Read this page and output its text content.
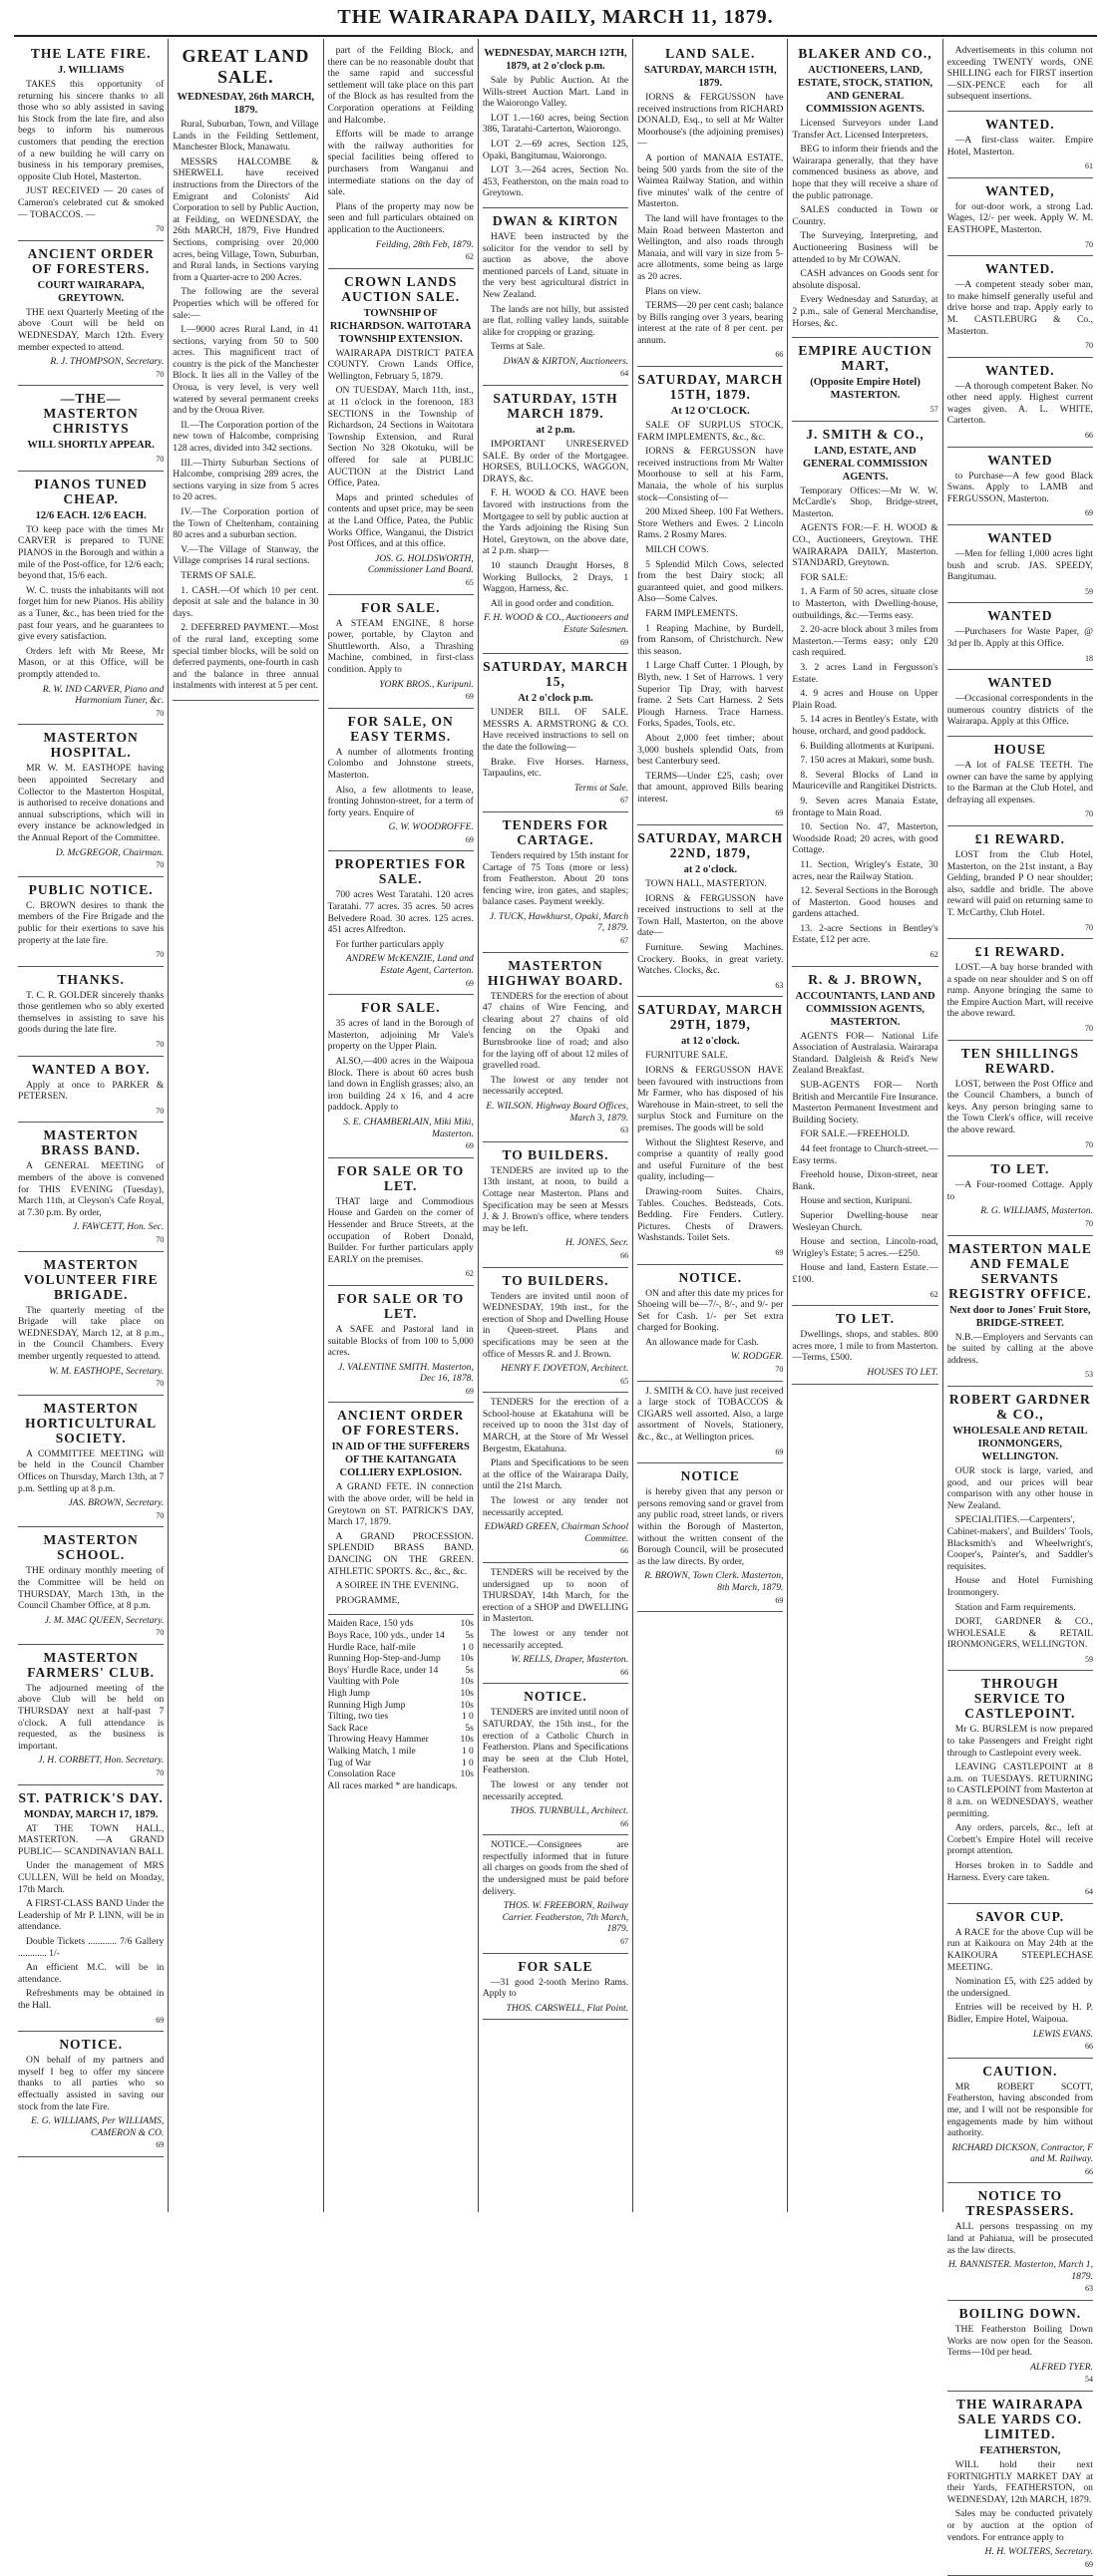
THE WAIRARAPA DAILY, MARCH 11, 1879.
THE LATE FIRE.
J. WILLIAMS

TAKES this opportunity of returning his sincere thanks to all those who so ably assisted in saving his Stock from the late fire, and also begs to inform his numerous customers that pending the erection of a new building he will carry on business in his temporary premises, opposite Club Hotel, Masterton.

JUST RECEIVED — 20 cases of Cameron's celebrated cut & smoked — TOBACCOS. —

70
ANCIENT ORDER OF FORESTERS.
COURT WAIRARAPA, GREYTOWN.

THE next Quarterly Meeting of the above Court will be held on WEDNESDAY, March 12th. Every member expected to attend.

R. J. THOMPSON, Secretary.
70
—THE— MASTERTON CHRISTYS
WILL SHORTLY APPEAR.
70
PIANOS TUNED CHEAP.
12/6 EACH. 12/6 EACH.

TO keep pace with the times Mr CARVER is prepared to TUNE PIANOS in the Borough and within a mile of the Post-office, for 12/6 each; beyond that, 15/6 each.

W. C. trusts the inhabitants will not forget him for new Pianos. His ability as a Tuner, &c., has been tried for the past four years, and he guarantees to give every satisfaction.

Orders left with Mr Reese, Mr Mason, or at this Office, will be promptly attended to.

R. W. IND CARVER, Piano and Harmonium Tuner, &c.
70
MASTERTON HOSPITAL.

MR W. M. EASTHOPE having been appointed Secretary and Collector to the Masterton Hospital, is authorised to receive donations and annual subscriptions, which will in every instance be acknowledged in the Annual Report of the Committee.

D. McGREGOR, Chairman.
70
PUBLIC NOTICE.

C. BROWN desires to thank the members of the Fire Brigade and the public for their exertions to save his property at the late fire.

70
THANKS.

T. C. R. GOLDER sincerely thanks those gentlemen who so ably exerted themselves in assisting to save his goods during the late fire.

70
WANTED A BOY.

Apply at once to PARKER & PETERSEN.

70
MASTERTON BRASS BAND.

A GENERAL MEETING of members of the above is convened for THIS EVENING (Tuesday), March 11th, at Cleyson's Cafe Royal, at 7.30 p.m. By order,

J. FAWCETT, Hon. Sec.
70
MASTERTON VOLUNTEER FIRE BRIGADE.

The quarterly meeting of the Brigade will take place on WEDNESDAY, March 12, at 8 p.m., in the Council Chambers. Every member urgently requested to attend.

W. M. EASTHOPE, Secretary.
70
MASTERTON HORTICULTURAL SOCIETY.

A COMMITTEE MEETING will be held in the Council Chamber Offices on Thursday, March 13th, at 7 p.m. Settling up at 8 p.m.

JAS. BROWN, Secretary.
70
MASTERTON SCHOOL.

THE ordinary monthly meeting of the Committee will be held on THURSDAY, March 13th, in the Council Chamber Office, at 8 p.m.

J. M. MAC QUEEN, Secretary.
70
MASTERTON FARMERS' CLUB.

The adjourned meeting of the above Club will be held on THURSDAY next at half-past 7 o'clock. A full attendance is requested, as the business is important.

J. H. CORBETT, Hon. Secretary.
70
ST. PATRICK'S DAY.
MONDAY, MARCH 17, 1879.

AT THE TOWN HALL, MASTERTON. —A GRAND PUBLIC— SCANDINAVIAN BALL

Under the management of MRS CULLEN, Will be held on Monday, 17th March.

A FIRST-CLASS BAND Under the Leadership of Mr P. LINN, will be in attendance.

Double Tickets ............ 7/6 Gallery ............ 1/-

An efficient M.C. will be in attendance.

Refreshments may be obtained in the Hall.

69
NOTICE.

ON behalf of my partners and myself I beg to offer my sincere thanks to all parties who so effectually assisted in saving our stock from the late Fire.

E. G. WILLIAMS, Per WILLIAMS, CAMERON & CO.
69
GREAT LAND SALE.
WEDNESDAY, 26th MARCH, 1879.

Rural, Suburban, Town, and Village Lands in the Feilding Settlement, Manchester Block, Manawatu.

MESSRS HALCOMBE & SHERWELL have received instructions from the Directors of the Emigrant and Colonists' Aid Corporation to sell by Public Auction, at Feilding, on WEDNESDAY, the 26th MARCH, 1879, Five Hundred Sections, comprising over 20,000 acres, being Village, Town, Suburban, and Rural lands, in Sections varying from a Quarter-acre to 200 Acres.

The following are the several Properties which will be offered for sale:—

I.—9000 acres Rural Land, in 41 sections, varying from 50 to 500 acres. This magnificent tract of country is the pick of the Manchester Block. It lies all in the Valley of the Oroua, is very level, is very well watered by several permanent creeks and by the Oroua River.

II.—The Corporation portion of the new town of Halcombe, comprising 128 acres, divided into 342 sections.

III.—Thirty Suburban Sections of Halcombe, comprising 289 acres, the sections varying in size from 5 acres to 20 acres.

IV.—The Corporation portion of the Town of Cheltenham, containing 80 acres and a suburban section.

V.—The Village of Stanway, the Village comprises 14 rural sections.

TERMS OF SALE.

1. CASH.—Of which 10 per cent. deposit at sale and the balance in 30 days.

2. DEFERRED PAYMENT.—Most of the rural land, excepting some special timber blocks, will be sold on deferred payments, one-fourth in cash and the balance in three annual instalments with interest at 5 per cent.

part of the Feilding Block, and there can be no reasonable doubt that the same rapid and successful settlement will take place on this part of the Block as has resulted from the Corporation operations at Feilding and Halcombe.

Efforts will be made to arrange with the railway authorities for special facilities being offered to purchasers from Wanganui and intermediate stations on the day of sale.

Plans of the property may now be seen and full particulars obtained on application to the Auctioneers.

Feilding, 28th Feb, 1879.
62
CROWN LANDS AUCTION SALE.
TOWNSHIP OF RICHARDSON. WAITOTARA TOWNSHIP EXTENSION.

WAIRARAPA DISTRICT PATEA COUNTY. Crown Lands Office, Wellington, February 5, 1879.

ON TUESDAY, March 11th, inst., at 11 o'clock in the forenoon, 183 SECTIONS in the Township of Richardson, 24 Sections in Waitotara Township Extension, and Rural Section No 328 Okotuku, will be offered for sale at PUBLIC AUCTION at the District Land Office, Patea.

Maps and printed schedules of contents and upset price, may be seen at the Land Office, Patea, the Public Works Office, Wanganui, the District Post Offices, and at this office.

JOS. G. HOLDSWORTH, Commissioner Land Board.
65
FOR SALE.

A STEAM ENGINE, 8 horse power, portable, by Clayton and Shuttleworth. Also, a Thrashing Machine, combined, in first-class condition. Apply to

YORK BROS., Kuripuni.
69
FOR SALE, ON EASY TERMS.

A number of allotments fronting Colombo and Johnstone streets, Masterton.

Also, a few allotments to lease, fronting Johnston-street, for a term of forty years. Enquire of

G. W. WOODROFFE.
69
PROPERTIES FOR SALE.

700 acres West Taratahi. 120 acres Taratahi. 77 acres. 35 acres. 50 acres Belvedere Road. 30 acres. 125 acres. 451 acres Alfredton.

For further particulars apply

ANDREW McKENZIE, Land and Estate Agent, Carterton.
69
FOR SALE.

35 acres of land in the Borough of Masterton, adjoining Mr Vale's property on the Upper Plain.

ALSO,—400 acres in the Waipoua Block. There is about 60 acres bush land down in English grasses; also, an iron building 24 x 16, and 4 acre paddock. Apply to

S. E. CHAMBERLAIN, Miki Miki, Masterton.
69
FOR SALE OR TO LET.

THAT large and Commodious House and Garden on the corner of Hessender and Bruce Streets, at the occupation of Robert Donald, Builder. For further particulars apply EARLY on the premises.

62
FOR SALE OR TO LET.

A SAFE and Pastoral land in suitable Blocks of from 100 to 5,000 acres.

J. VALENTINE SMITH. Masterton, Dec 16, 1878.
69
ANCIENT ORDER OF FORESTERS.
IN AID OF THE SUFFERERS OF THE KAITANGATA COLLIERY EXPLOSION.

A GRAND FETE. IN connection with the above order, will be held in Greytown on ST. PATRICK'S DAY, March 17, 1879.

A GRAND PROCESSION. SPLENDID BRASS BAND. DANCING ON THE GREEN. ATHLETIC SPORTS. &c., &c., &c.

A SOIREE IN THE EVENING.

PROGRAMME,

Maiden Race, 150 yds	10s
Boys Race, 100 yds., under 14 5s
Hurdle Race, half-mile	1 0
Running Hop-Step-and-Jump 10s
Boys' Hurdle Race, under 14	5s
Vaulting with Pole	10s
High Jump	10s
Running High Jump	10s
Tilting, two ties	1 0
Sack Race	5s
Throwing Heavy Hammer	10s
Walking Match, 1 mile	1 0
Tug of War	1 0
Consolation Race	10s
All races marked * are handicaps.
WEDNESDAY, MARCH 12TH, 1879, at 2 o'clock p.m.

Sale by Public Auction. At the Wills-street Auction Mart. Land in the Waiorongo Valley.

LOT 1.—160 acres, being Section 386, Taratahi-Carterton, Waiorongo.

LOT 2.—69 acres, Section 125, Opaki, Bangitumau, Waiorongo.

LOT 3.—264 acres, Section No. 453, Featherston, on the main road to Greytown.

DWAN & KIRTON

HAVE been instructed by the solicitor for the vendor to sell by auction as above, the above mentioned parcels of Land, situate in the very best agricultural district in New Zealand.

The lands are not hilly, but assisted are flat, rolling valley lands, suitable alike for cropping or grazing.

Terms at Sale.

DWAN & KIRTON, Auctioneers.
64
SATURDAY, 15TH MARCH 1879.
at 2 p.m.

IMPORTANT UNRESERVED SALE. By order of the Mortgagee. HORSES, BULLOCKS, WAGGON, DRAYS, &c.

F. H. WOOD & CO. HAVE been favored with instructions from the Mortgagee to sell by public auction at the Yards adjoining the Rising Sun Hotel, Greytown, on the above date, at 2 p.m. sharp—

10 staunch Draught Horses, 8 Working Bullocks, 2 Drays, 1 Waggon, Harness, &c.

All in good order and condition.

F. H. WOOD & CO., Auctioneers and Estate Salesmen.
69
SATURDAY, MARCH 15,
At 2 o'clock p.m.

UNDER BILL OF SALE. MESSRS A. ARMSTRONG & CO. Have received instructions to sell on the date the following—

Brake. Five Horses. Harness, Tarpaulins, etc.

Terms at Sale.
67
TENDERS FOR CARTAGE.

Tenders required by 15th instant for Cartage of 75 Tons (more or less) from Featherston. About 20 tons fencing wire, iron gates, and staples; balance cases. Payment weekly.

J. TUCK, Hawkhurst, Opaki, March 7, 1879.
67
MASTERTON HIGHWAY BOARD.

TENDERS for the erection of about 47 chains of Wire Fencing, and clearing about 27 chains of old fencing on the Opaki and Burnsbrooke line of road; and also for the laying off of about 12 miles of gravelled road.

The lowest or any tender not necessarily accepted.

E. WILSON. Highway Board Offices, March 3, 1879.
63
TO BUILDERS.

TENDERS are invited up to the 13th instant, at noon, to build a Cottage near Masterton. Plans and Specification may be seen at Messrs J. & J. Brown's office, where tenders may be left.

H. JONES, Secr.
66
TO BUILDERS.

Tenders are invited until noon of WEDNESDAY, 19th inst., for the erection of Shop and Dwelling House in Queen-street. Plans and specifications may be seen at the office of Messrs R. and J. Brown.

HENRY F. DOVETON, Architect.
65

TENDERS for the erection of a School-house at Ekatahuna will be received up to noon the 31st day of MARCH, at the Store of Mr Wessel Bergestm, Ekatahuna.

Plans and Specifications to be seen at the office of the Wairarapa Daily, until the 21st March.

The lowest or any tender not necessarily accepted.

EDWARD GREEN, Chairman School Committee.
66

TENDERS will be received by the undersigned up to noon of THURSDAY, 14th March, for the erection of a SHOP and DWELLING in Masterton.

The lowest or any tender not necessarily accepted.

W. RELLS, Draper, Masterton.
66
NOTICE.

TENDERS are invited until noon of SATURDAY, the 15th inst., for the erection of a Catholic Church in Featherston. Plans and Specifications may be seen at the Club Hotel, Featherston.

The lowest or any tender not necessarily accepted.

THOS. TURNBULL, Architect.
66

NOTICE.—Consignees are respectfully informed that in future all charges on goods from the shed of the undersigned must be paid before delivery.

THOS. W. FREEBORN, Railway Carrier. Featherston, 7th March, 1879.
67
FOR SALE

—31 good 2-tooth Merino Rams. Apply to

THOS. CARSWELL, Flat Point.
LAND SALE.
SATURDAY, MARCH 15TH, 1879.

IORNS & FERGUSSON have received instructions from RICHARD DONALD, Esq., to sell at Mr Walter Moorhouse's (the adjoining premises)—

A portion of MANAIA ESTATE, being 500 yards from the site of the Waimea Railway Station, and within five minutes' walk of the centre of Masterton.

The land will have frontages to the Main Road between Masterton and Wellington, and also roads through Manaia, and will vary in size from 5-acre allotments, some being as large as 20 acres.

Plans on view.

TERMS—20 per cent cash; balance by Bills ranging over 3 years, bearing interest at the rate of 8 per cent. per annum.

66
SATURDAY, MARCH 15TH, 1879.
At 12 O'CLOCK.

SALE OF SURPLUS STOCK, FARM IMPLEMENTS, &c., &c.

IORNS & FERGUSSON have received instructions from Mr Walter Moorhouse to sell at his Farm, Manaia, the whole of his surplus stock—Consisting of—

200 Mixed Sheep. 100 Fat Wethers. Store Wethers and Ewes. 2 Lincoln Rams. 2 Rosmy Mares.

MILCH COWS.

5 Splendid Milch Cows, selected from the best Dairy stock; all guaranteed quiet, and good milkers. Also—Some Calves.

FARM IMPLEMENTS.

1 Reaping Machine, by Burdell, from Ransom, of Christchurch. New this season.

1 Large Chaff Cutter. 1 Plough, by Blyth, new. 1 Set of Harrows. 1 very Superior Tip Dray, with harvest frame. 2 Sets Cart Harness. 2 Sets Plough Harness. Trace Harness. Forks, Spades, Tools, etc.

About 2,000 feet timber; about 3,000 bushels splendid Oats, from best Canterbury seed.

TERMS—Under £25, cash; over that amount, approved Bills bearing interest.

69
SATURDAY, MARCH 22ND, 1879,
at 2 o'clock.

TOWN HALL, MASTERTON.

IORNS & FERGUSSON have received instructions to sell at the Town Hall, Masterton, on the above date—

Furniture. Sewing Machines. Crockery. Books, in great variety. Watches. Clocks, &c.

63
SATURDAY, MARCH 29TH, 1879,
at 12 o'clock.

FURNITURE SALE.

IORNS & FERGUSSON HAVE been favoured with instructions from Mr Farmer, who has disposed of his Warehouse in Main-street, to sell the surplus Stock and Furniture on the premises. The goods will be sold

Without the Slightest Reserve, and comprise a quantity of really good and useful Furniture of the best quality, including—

Drawing-room Suites. Chairs, Tables. Couches. Bedsteads, Cots. Bedding. Fire Fenders. Cutlery. Pictures. Chests of Drawers. Washstands. Toilet Sets.

69
NOTICE.

ON and after this date my prices for Shoeing will be—7/-, 8/-, and 9/- per Set for Cash. 1/- per Set extra charged for Booking.

An allowance made for Cash.

W. RODGER.
70

J. SMITH & CO. have just received a large stock of TOBACCOS & CIGARS well assorted. Also, a large assortment of Novels, Stationery, &c., &c., at Wellington prices.

69
NOTICE

is hereby given that any person or persons removing sand or gravel from any public road, street lands, or rivers within the Borough of Masterton, without the written consent of the Borough Council, will be prosecuted as the law directs. By order,

R. BROWN, Town Clerk. Masterton, 8th March, 1879.
69
BLAKER AND CO.,
AUCTIONEERS, LAND, ESTATE, STOCK, STATION, AND GENERAL COMMISSION AGENTS.

Licensed Surveyors under Land Transfer Act. Licensed Interpreters.

BEG to inform their friends and the Wairarapa generally, that they have commenced business as above, and hope that they will receive a share of the public patronage.

SALES conducted in Town or Country.

The Surveying, Interpreting, and Auctioneering Business will be attended to by Mr COWAN.

CASH advances on Goods sent for absolute disposal.

Every Wednesday and Saturday, at 2 p.m., sale of General Merchandise, Horses, &c.

EMPIRE AUCTION MART,
(Opposite Empire Hotel) MASTERTON.
57
J. SMITH & CO.,
LAND, ESTATE, AND GENERAL COMMISSION AGENTS.

Temporary Offices:—Mr W. W. McCardle's Shop, Bridge-street, Masterton.

AGENTS FOR:—F. H. WOOD & CO., Auctioneers, Greytown. THE WAIRARAPA DAILY, Masterton. STANDARD, Greytown.

FOR SALE:

1. A Farm of 50 acres, situate close to Masterton, with Dwelling-house, outbuildings, &c.—Terms easy.

2. 20-acre block about 3 miles from Masterton.—Terms easy; only £20 cash required.

3. 2 acres Land in Fergusson's Estate.

4. 9 acres and House on Upper Plain Road.

5. 14 acres in Bentley's Estate, with house, orchard, and good paddock.

6. Building allotments at Kuripuni.

7. 150 acres at Makuri, some bush.

8. Several Blocks of Land in Mauriceville and Rangitikei Districts.

9. Seven acres Manaia Estate, frontage to Main Road.

10. Section No. 47, Masterton, Woodside Road; 20 acres, with good Cottage.

11. Section, Wrigley's Estate, 30 acres, near the Railway Station.

12. Several Sections in the Borough of Masterton. Good houses and gardens attached.

13. 2-acre Sections in Bentley's Estate, £12 per acre.

62
R. & J. BROWN,
ACCOUNTANTS, LAND AND COMMISSION AGENTS, MASTERTON.

AGENTS FOR— National Life Association of Australasia. Wairarapa Standard. Dalgleish & Reid's New Zealand Breakfast.

SUB-AGENTS FOR— North British and Mercantile Fire Insurance. Masterton Permanent Investment and Building Society.

FOR SALE.—FREEHOLD.

44 feet frontage to Church-street.—Easy terms.

Freehold house, Dixon-street, near Bank.

House and section, Kuripuni.

Superior Dwelling-house near Wesleyan Church.

House and section, Lincoln-road, Wrigley's Estate; 5 acres.—£250.

House and land, Eastern Estate.—£100.

62
TO LET.

Dwellings, shops, and stables. 800 acres more, 1 mile to from Masterton.—Terms, £500.

HOUSES TO LET.

Advertisements in this column not exceeding TWENTY words, ONE SHILLING each for FIRST insertion—SIX-PENCE each for all subsequent insertions.

WANTED.

—A first-class waiter. Empire Hotel, Masterton.

61
WANTED,

for out-door work, a strong Lad. Wages, 12/- per week. Apply W. M. EASTHOPE, Masterton.

70
WANTED.

—A competent steady sober man, to make himself generally useful and drive horse and trap. Apply early to M. CASTLEBURG & Co., Masterton.

70
WANTED.

—A thorough competent Baker. No other need apply. Highest current wages given. A. L. WHITE, Carterton.

66
WANTED

to Purchase—A few good Black Swans. Apply to LAMB and FERGUSSON, Masterton.

69
WANTED

—Men for felling 1,000 acres light bush and scrub. JAS. SPEEDY, Bangitumau.

59
WANTED

—Purchasers for Waste Paper, @ 3d per lb. Apply at this Office.

18
WANTED

—Occasional correspondents in the numerous country districts of the Wairarapa. Apply at this Office.

HOUSE

—A lot of FALSE TEETH. The owner can have the same by applying to the Barman at the Club Hotel, and defraying all expenses.

70
£1 REWARD.

LOST from the Club Hotel, Masterton, on the 21st instant, a Bay Gelding, branded P O near shoulder; also, saddle and bridle. The above reward will paid on returning same to T. McCarthy, Club Hotel.

70
£1 REWARD.

LOST.—A bay horse branded with a spade on near shoulder and S on off rump. Anyone bringing the same to the Empire Auction Mart, will receive the above reward.

70
TEN SHILLINGS REWARD.

LOST, between the Post Office and the Council Chambers, a bunch of keys. Any person bringing same to the Town Clerk's office, will receive the above reward.

70
TO LET.

—A Four-roomed Cottage. Apply to

R. G. WILLIAMS, Masterton.
70
MASTERTON MALE AND FEMALE SERVANTS REGISTRY OFFICE.
Next door to Jones' Fruit Store, BRIDGE-STREET.

N.B.—Employers and Servants can be suited by calling at the above address.

53
ROBERT GARDNER & CO.,
WHOLESALE AND RETAIL IRONMONGERS, WELLINGTON.

OUR stock is large, varied, and good, and our prices will bear comparison with any other house in New Zealand.

SPECIALITIES.—Carpenters', Cabinet-makers', and Builders' Tools, Blacksmith's and Wheelwright's, Cooper's, Painter's, and Saddler's requisites.

House and Hotel Furnishing Ironmongery.

Station and Farm requirements.

DORT, GARDNER & CO., WHOLESALE & RETAIL IRONMONGERS, WELLINGTON.

59
THROUGH SERVICE TO CASTLEPOINT.

Mr G. BURSLEM is now prepared to take Passengers and Freight right through to Castlepoint every week.

LEAVING CASTLEPOINT at 8 a.m. on TUESDAYS. RETURNING to CASTLEPOINT from Masterton at 8 a.m. on WEDNESDAYS, weather permitting.

Any orders, parcels, &c., left at Corbett's Empire Hotel will receive prompt attention.

Horses broken in to Saddle and Harness. Every care taken.

64
SAVOR CUP.

A RACE for the above Cup will be run at Kaikoura on May 24th at the KAIKOURA STEEPLECHASE MEETING.

Nomination £5, with £25 added by the undersigned.

Entries will be received by H. P. Bidler, Empire Hotel, Waipoua.

LEWIS EVANS.
66
CAUTION.

MR ROBERT SCOTT, Featherston, having absconded from me, and I will not be responsible for engagements made by him without authority.

RICHARD DICKSON, Contractor, F and M. Railway.
66
NOTICE TO TRESPASSERS.

ALL persons trespassing on my land at Pahiatua, will be prosecuted as the law directs.

H. BANNISTER. Masterton, March 1, 1879.
63
BOILING DOWN.

THE Featherston Boiling Down Works are now open for the Season. Terms—10d per head.

ALFRED TYER.
54
THE WAIRARAPA SALE YARDS CO. LIMITED.
FEATHERSTON,

WILL hold their next FORTNIGHTLY MARKET DAY at their Yards, FEATHERSTON, on WEDNESDAY, 12th MARCH, 1879.

Sales may be conducted privately or by auction at the option of vendors. For entrance apply to

H. H. WOLTERS, Secretary.
69
